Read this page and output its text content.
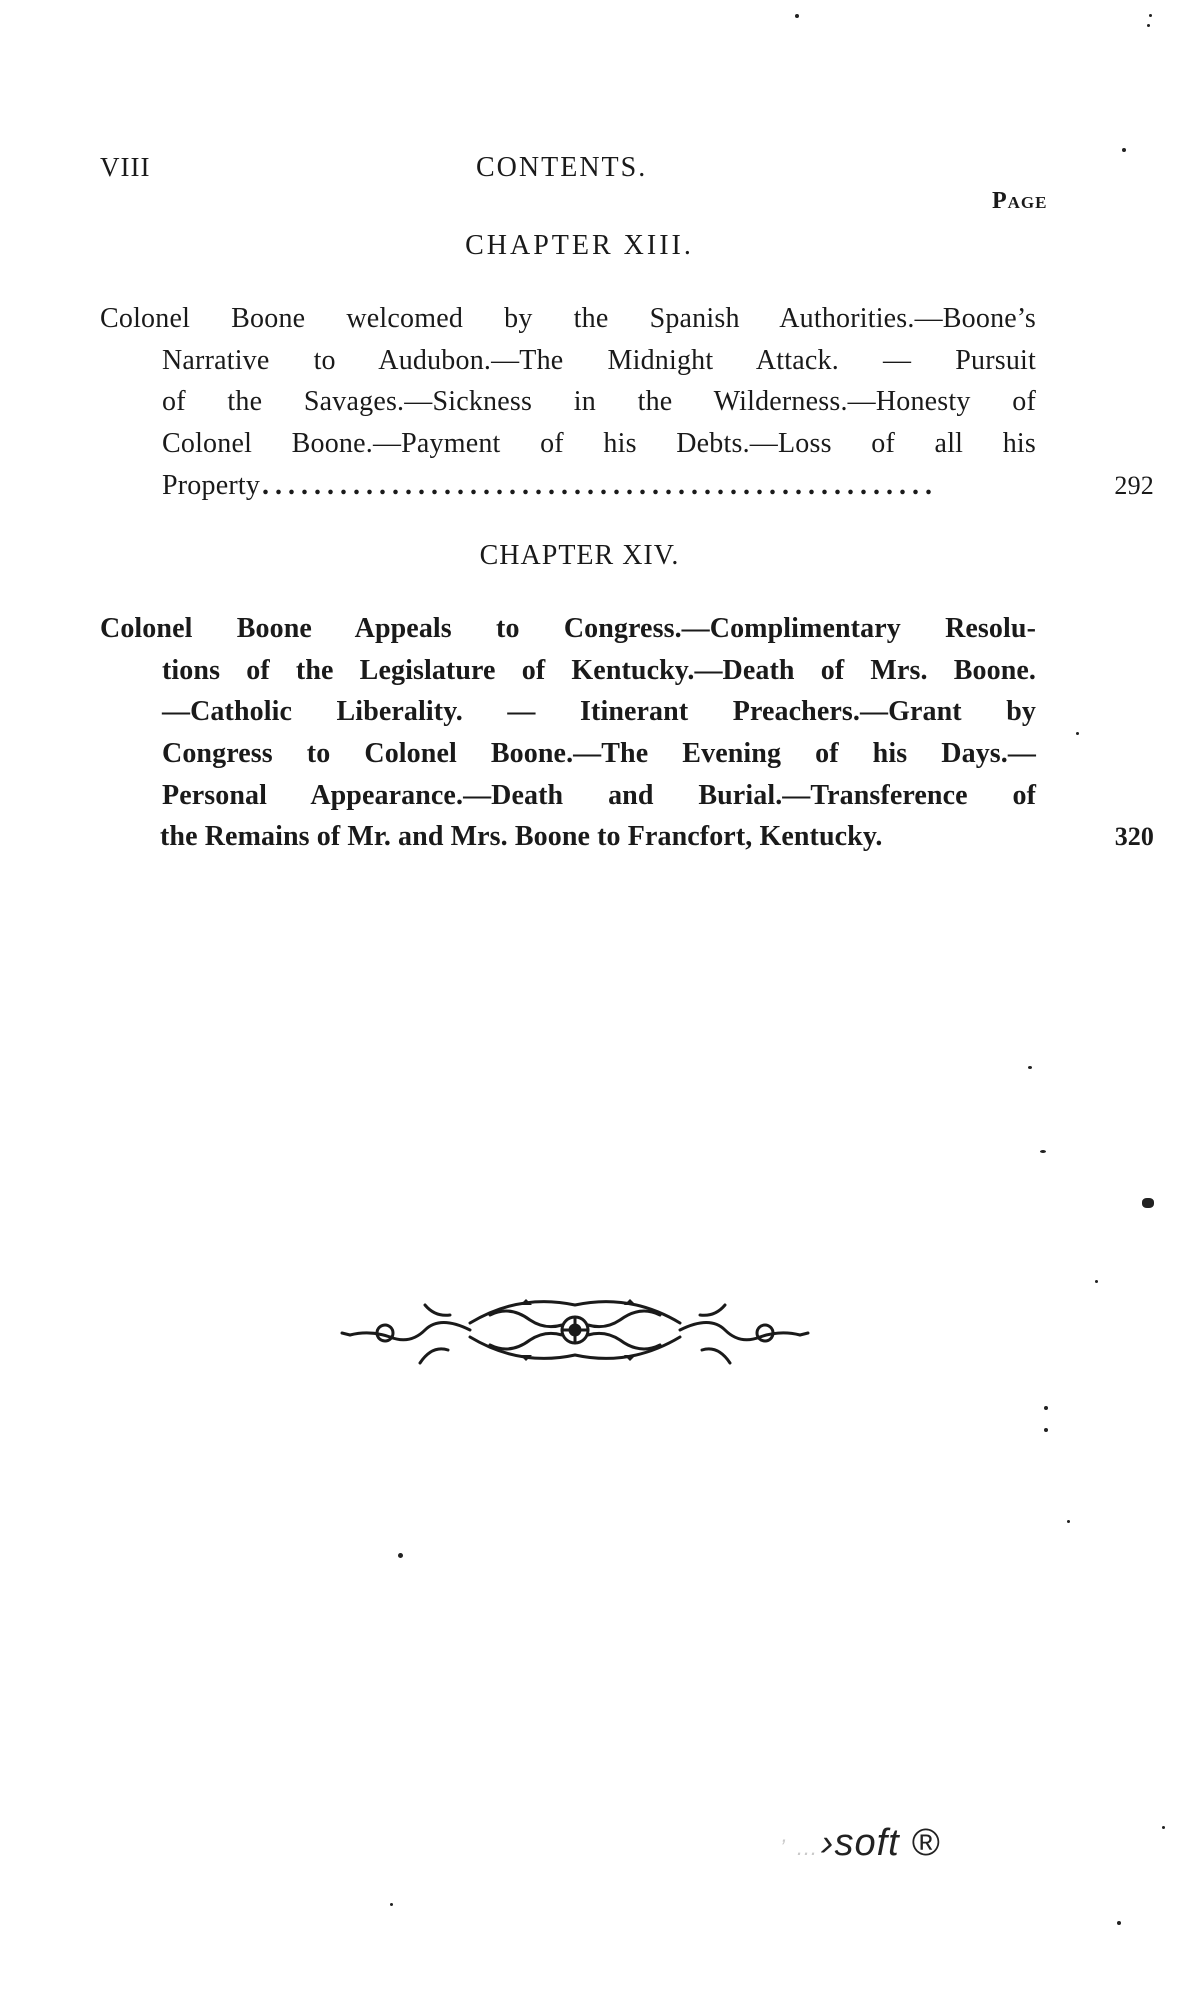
VIII	CONTENTS.
Page
CHAPTER XIII.
Colonel Boone welcomed by the Spanish Authorities.—Boone’s
Narrative to Audubon.—The Midnight Attack. — Pursuit
of the Savages.—Sickness in the Wilderness.—Honesty of
Colonel Boone.—Payment of his Debts.—Loss of all his
Property ....................................................	292
CHAPTER XIV.
Colonel Boone Appeals to Congress.—Complimentary Resolu-
tions of the Legislature of Kentucky.—Death of Mrs. Boone.
—Catholic Liberality. — Itinerant Preachers.—Grant by
Congress to Colonel Boone.—The Evening of his Days.—
Personal Appearance.—Death and Burial.—Transference of
the Remains of Mr. and Mrs. Boone to Francfort, Kentucky.	320
’ …›soft ®
